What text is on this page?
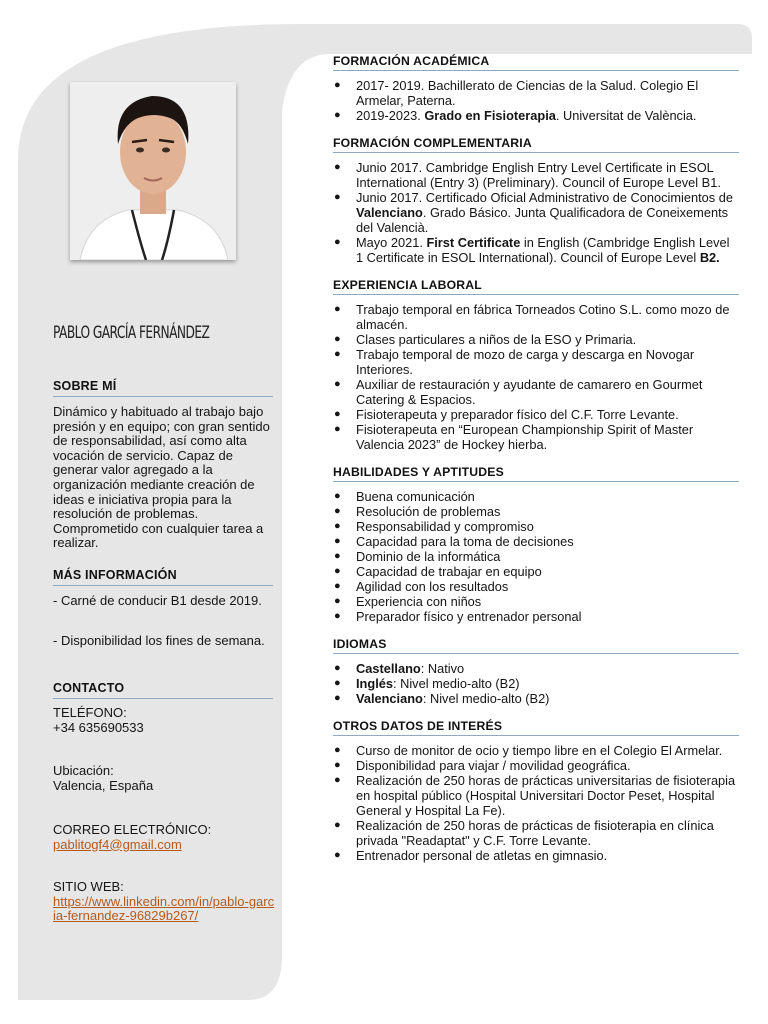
PABLO GARCÍA FERNÁNDEZ
SOBRE MÍ
Dinámico y habituado al trabajo bajo presión y en equipo; con gran sentido de responsabilidad, así como alta vocación de servicio. Capaz de generar valor agregado a la organización mediante creación de ideas e iniciativa propia para la resolución de problemas. Comprometido con cualquier tarea a realizar.
MÁS INFORMACIÓN
- Carné de conducir B1 desde 2019.
- Disponibilidad los fines de semana.
CONTACTO

TELÉFONO:

+34 635690533

Ubicación:

Valencia, España

CORREO ELECTRÓNICO:

pablitogf4@gmail.com

SITIO WEB:

https://www.linkedin.com/in/pablo-garcia-fernandez-96829b267/

FORMACIÓN ACADÉMICA
● 2017- 2019. Bachillerato de Ciencias de la Salud. Colegio El Armelar, Paterna.
● 2019-2023. Grado en Fisioterapia. Universitat de València.
FORMACIÓN COMPLEMENTARIA
● Junio 2017. Cambridge English Entry Level Certificate in ESOL International (Entry 3) (Preliminary). Council of Europe Level B1.
● Junio 2017. Certificado Oficial Administrativo de Conocimientos de Valenciano. Grado Básico. Junta Qualificadora de Coneixements del Valencià.
● Mayo 2021. First Certificate in English (Cambridge English Level 1 Certificate in ESOL International). Council of Europe Level B2.
EXPERIENCIA LABORAL
● Trabajo temporal en fábrica Torneados Cotino S.L. como mozo de almacén.
● Clases particulares a niños de la ESO y Primaria.
● Trabajo temporal de mozo de carga y descarga en Novogar Interiores.
● Auxiliar de restauración y ayudante de camarero en Gourmet Catering & Espacios.
● Fisioterapeuta y preparador físico del C.F. Torre Levante.
● Fisioterapeuta en “European Championship Spirit of Master Valencia 2023” de Hockey hierba.
HABILIDADES Y APTITUDES
● Buena comunicación
● Resolución de problemas
● Responsabilidad y compromiso
● Capacidad para la toma de decisiones
● Dominio de la informática
● Capacidad de trabajar en equipo
● Agilidad con los resultados
● Experiencia con niños
● Preparador físico y entrenador personal
IDIOMAS
● Castellano: Nativo
● Inglés: Nivel medio-alto (B2)
● Valenciano: Nivel medio-alto (B2)
OTROS DATOS DE INTERÉS
● Curso de monitor de ocio y tiempo libre en el Colegio El Armelar.
● Disponibilidad para viajar / movilidad geográfica.
● Realización de 250 horas de prácticas universitarias de fisioterapia en hospital público (Hospital Universitari Doctor Peset, Hospital General y Hospital La Fe).
● Realización de 250 horas de prácticas de fisioterapia en clínica privada "Readaptat" y C.F. Torre Levante.
● Entrenador personal de atletas en gimnasio.
